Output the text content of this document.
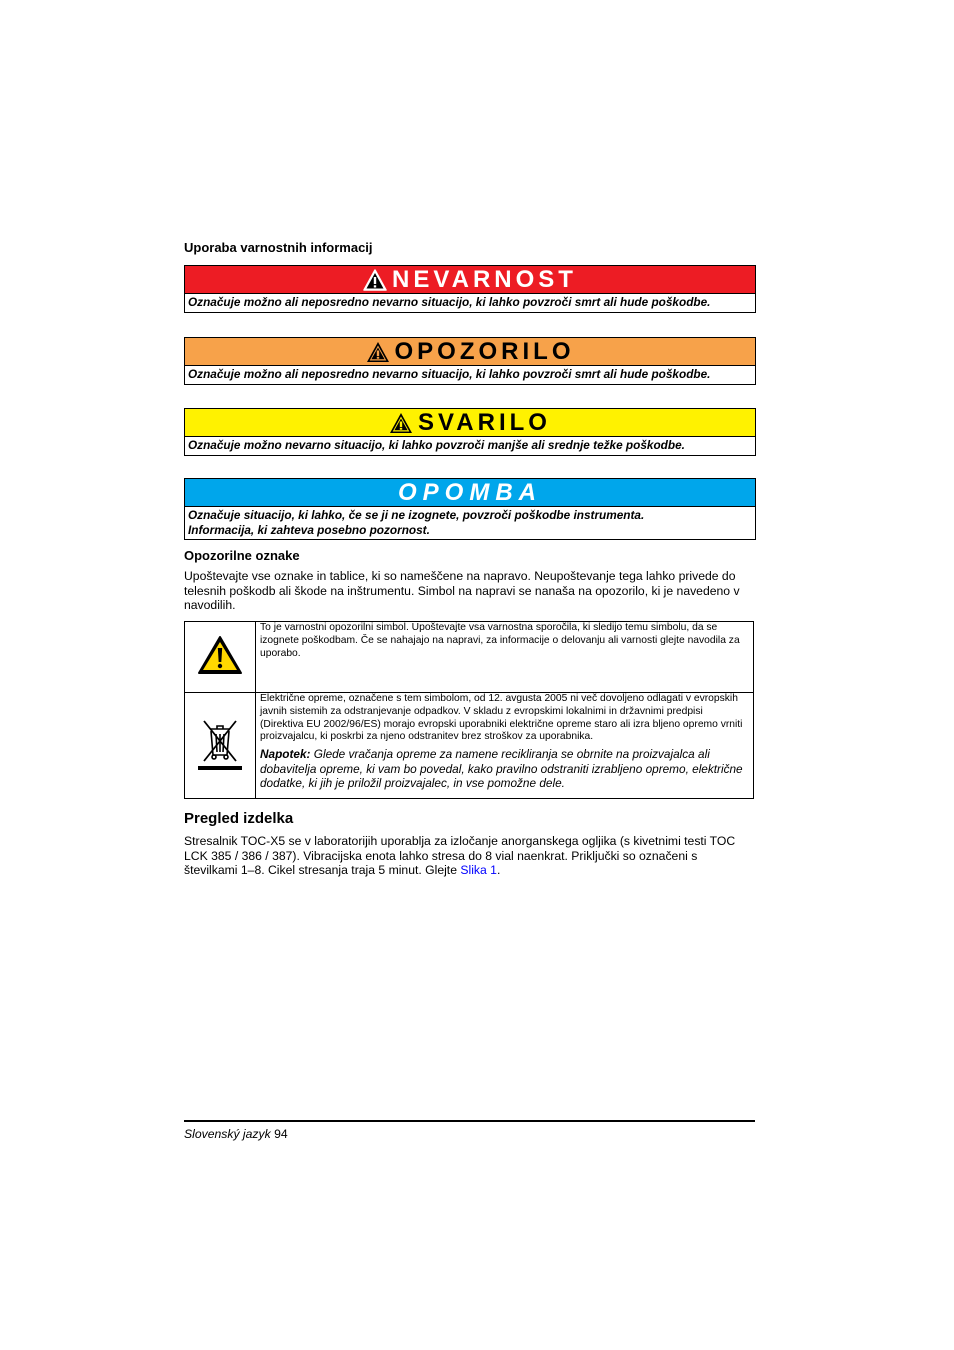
Uporaba varnostnih informacij
NEVARNOST
Označuje možno ali neposredno nevarno situacijo, ki lahko povzroči smrt ali hude poškodbe.
OPOZORILO
Označuje možno ali neposredno nevarno situacijo, ki lahko povzroči smrt ali hude poškodbe.
SVARILO
Označuje možno nevarno situacijo, ki lahko povzroči manjše ali srednje težke poškodbe.
OPOMBA
Označuje situacijo, ki lahko, če se ji ne izognete, povzroči poškodbe instrumenta.
Informacija, ki zahteva posebno pozornost.
Opozorilne oznake
Upoštevajte vse oznake in tablice, ki so nameščene na napravo. Neupoštevanje tega lahko privede do telesnih poškodb ali škode na inštrumentu. Simbol na napravi se nanaša na opozorilo, ki je navedeno v navodilih.
	To je varnostni opozorilni simbol. Upoštevajte vsa varnostna sporočila, ki sledijo temu simbolu, da se izognete poškodbam. Če se nahajajo na napravi, za informacije o delovanju ali varnosti glejte navodila za uporabo.

Električne opreme, označene s tem simbolom, od 12. avgusta 2005 ni več dovoljeno odlagati v evropskih javnih sistemih za odstranjevanje odpadkov. V skladu z evropskimi lokalnimi in državnimi predpisi (Direktiva EU 2002/96/ES) morajo evropski uporabniki električne opreme staro ali izra bljeno opremo vrniti proizvajalcu, ki poskrbi za njeno odstranitev brez stroškov za uporabnika.
Napotek: Glede vračanja opreme za namene recikliranja se obrnite na proizvajalca ali dobavitelja opreme, ki vam bo povedal, kako pravilno odstraniti izrabljeno opremo, električne dodatke, ki jih je priložil proizvajalec, in vse pomožne dele.
Pregled izdelka
Stresalnik TOC-X5 se v laboratorijih uporablja za izločanje anorganskega ogljika (s kivetnimi testi TOC LCK 385 / 386 / 387). Vibracijska enota lahko stresa do 8 vial naenkrat. Priključki so označeni s številkami 1–8. Cikel stresanja traja 5 minut. Glejte Slika 1.
Slovenský jazyk 94
